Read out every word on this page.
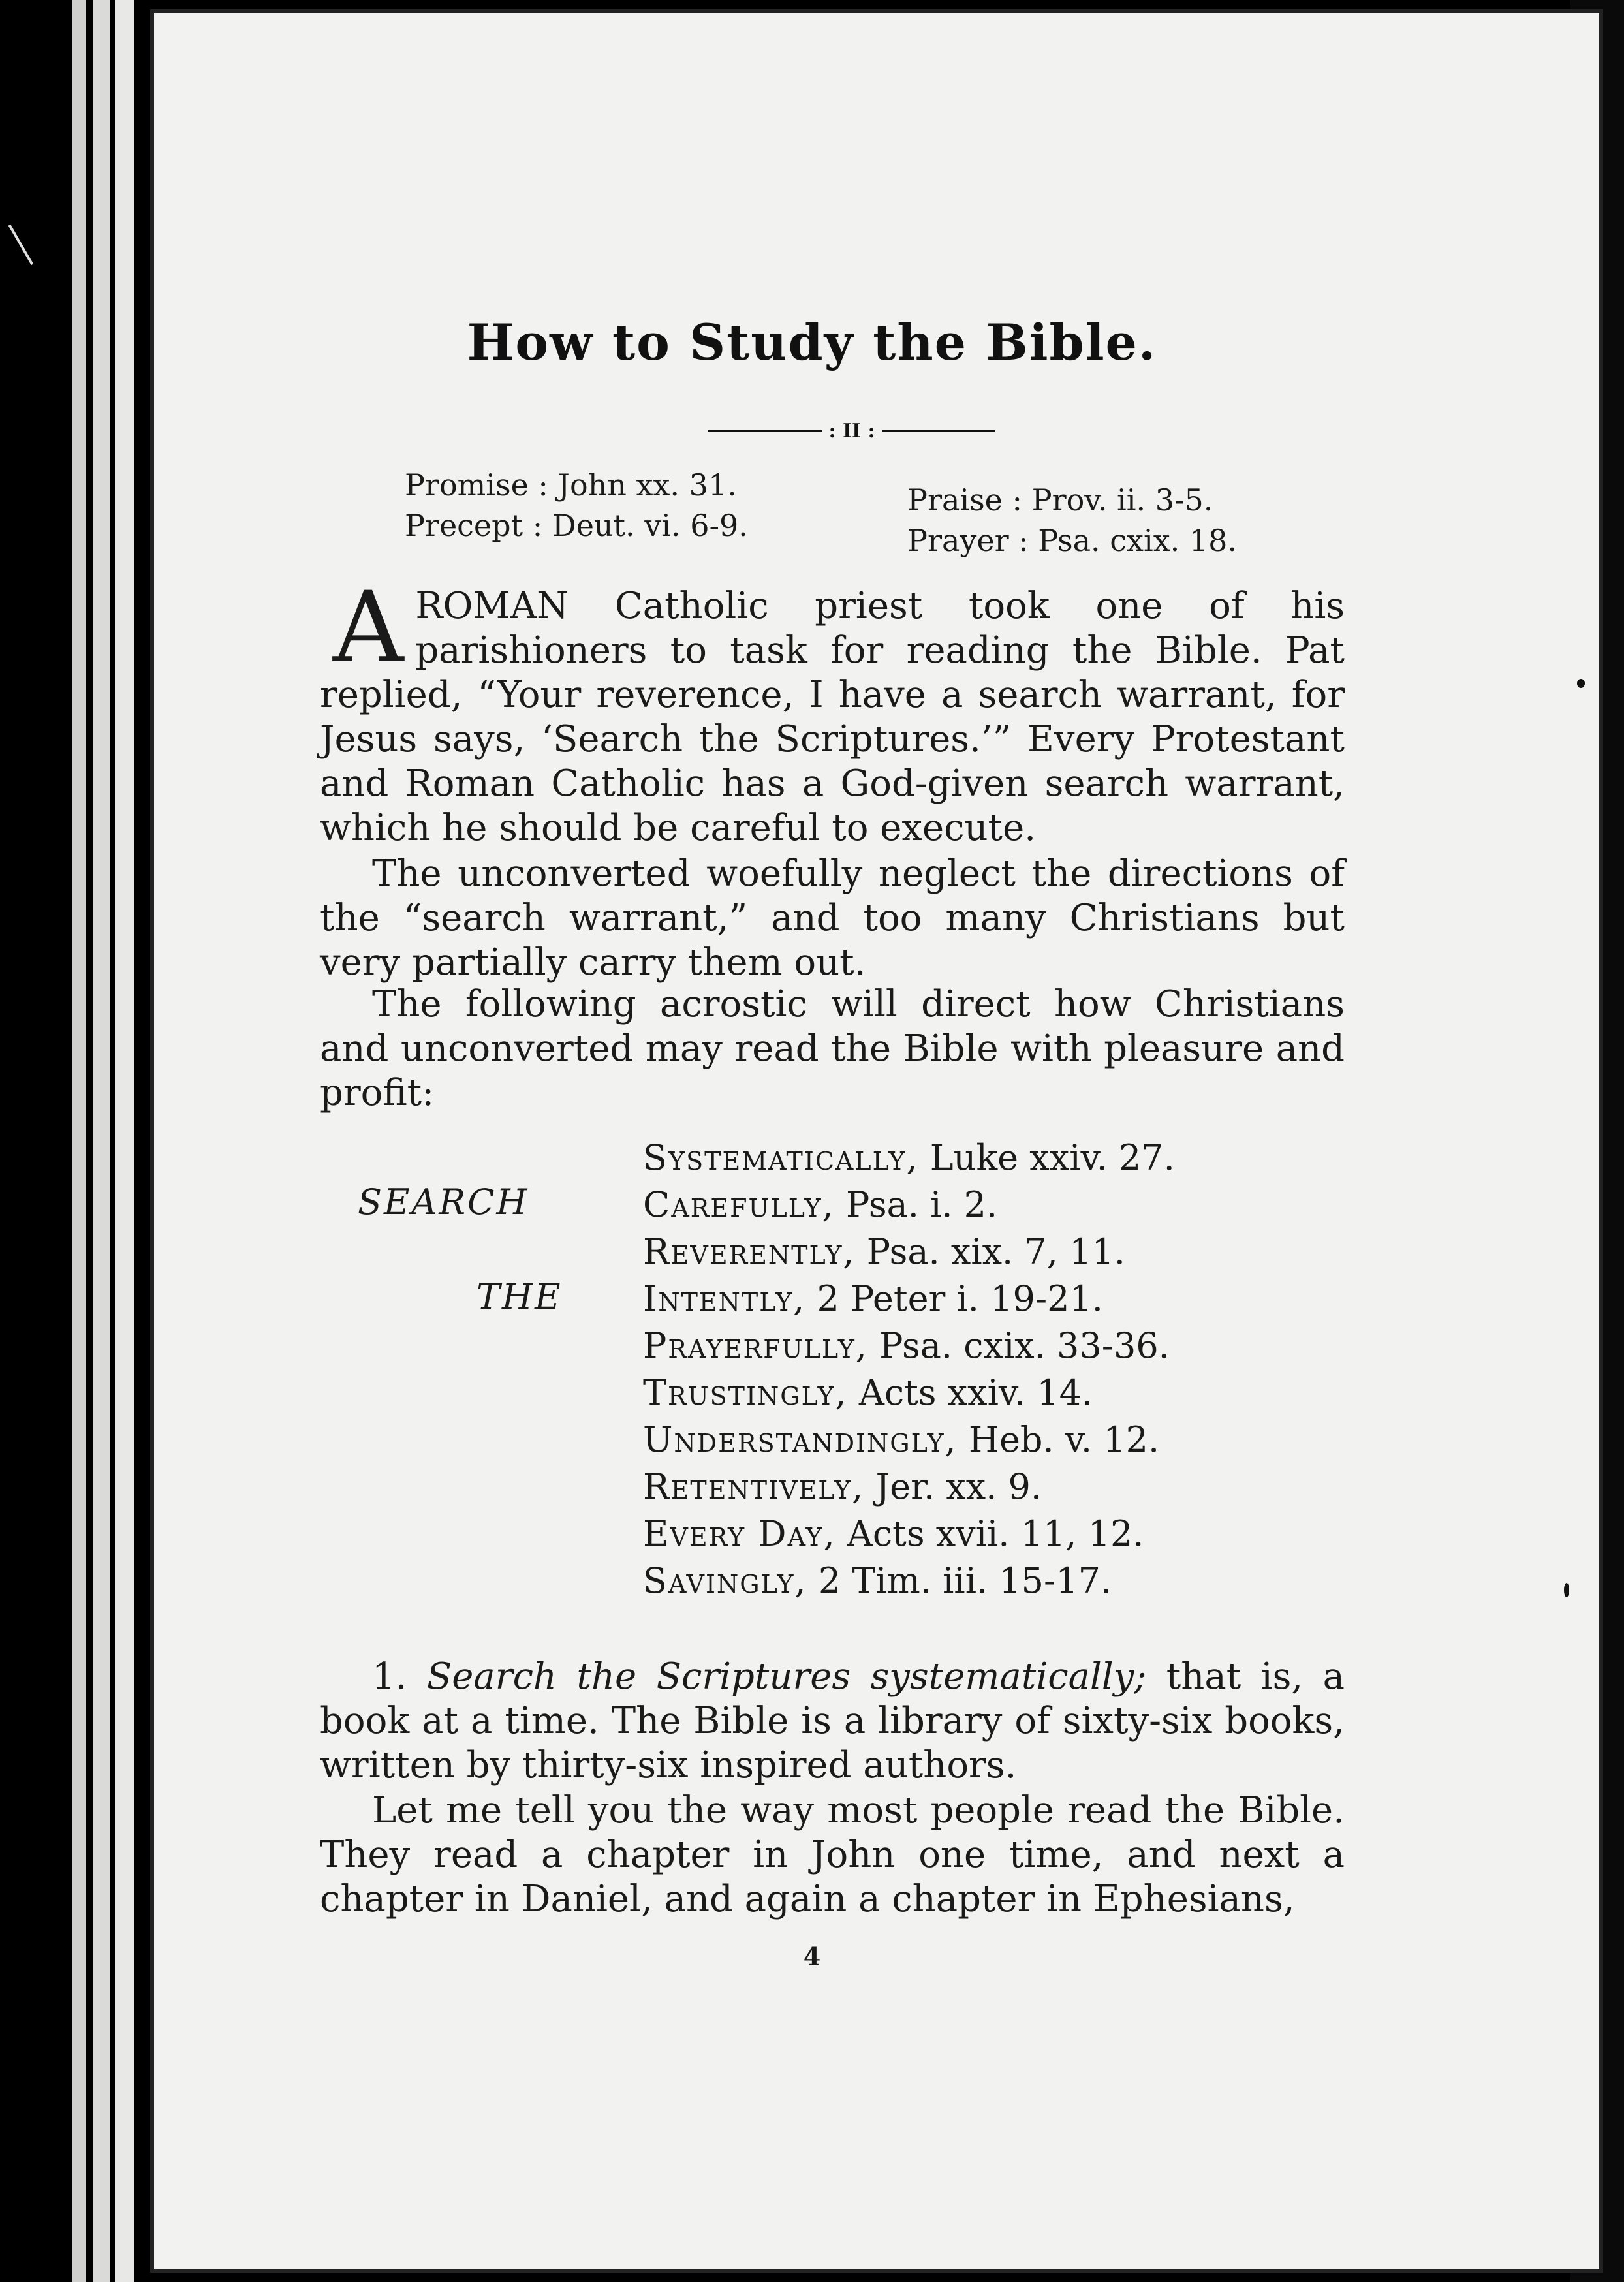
How to Study the Bible.
: II :
Promise : John xx. 31.
Precept : Deut. vi. 6-9.
Praise : Prov. ii. 3-5.
Prayer : Psa. cxix. 18.
AROMAN Catholic priest took one of his parishioners to task for reading the Bible. Pat replied, “Your reverence, I have a search warrant, for Jesus says, ‘Search the Scriptures.’” Every Protestant and Roman Catholic has a God-given search warrant, which he should be careful to execute.
The unconverted woefully neglect the directions of the “search warrant,” and too many Christians but very partially carry them out.
The following acrostic will direct how Christians and unconverted may read the Bible with pleasure and profit:
SEARCH
THE
Systematically, Luke xxiv. 27.
Carefully, Psa. i. 2.
Reverently, Psa. xix. 7, 11.
Intently, 2 Peter i. 19-21.
Prayerfully, Psa. cxix. 33-36.
Trustingly, Acts xxiv. 14.
Understandingly, Heb. v. 12.
Retentively, Jer. xx. 9.
Every Day, Acts xvii. 11, 12.
Savingly, 2 Tim. iii. 15-17.
1. Search the Scriptures systematically; that is, a book at a time. The Bible is a library of sixty-six books, written by thirty-six inspired authors.
Let me tell you the way most people read the Bible. They read a chapter in John one time, and next a chapter in Daniel, and again a chapter in Ephesians,
4
